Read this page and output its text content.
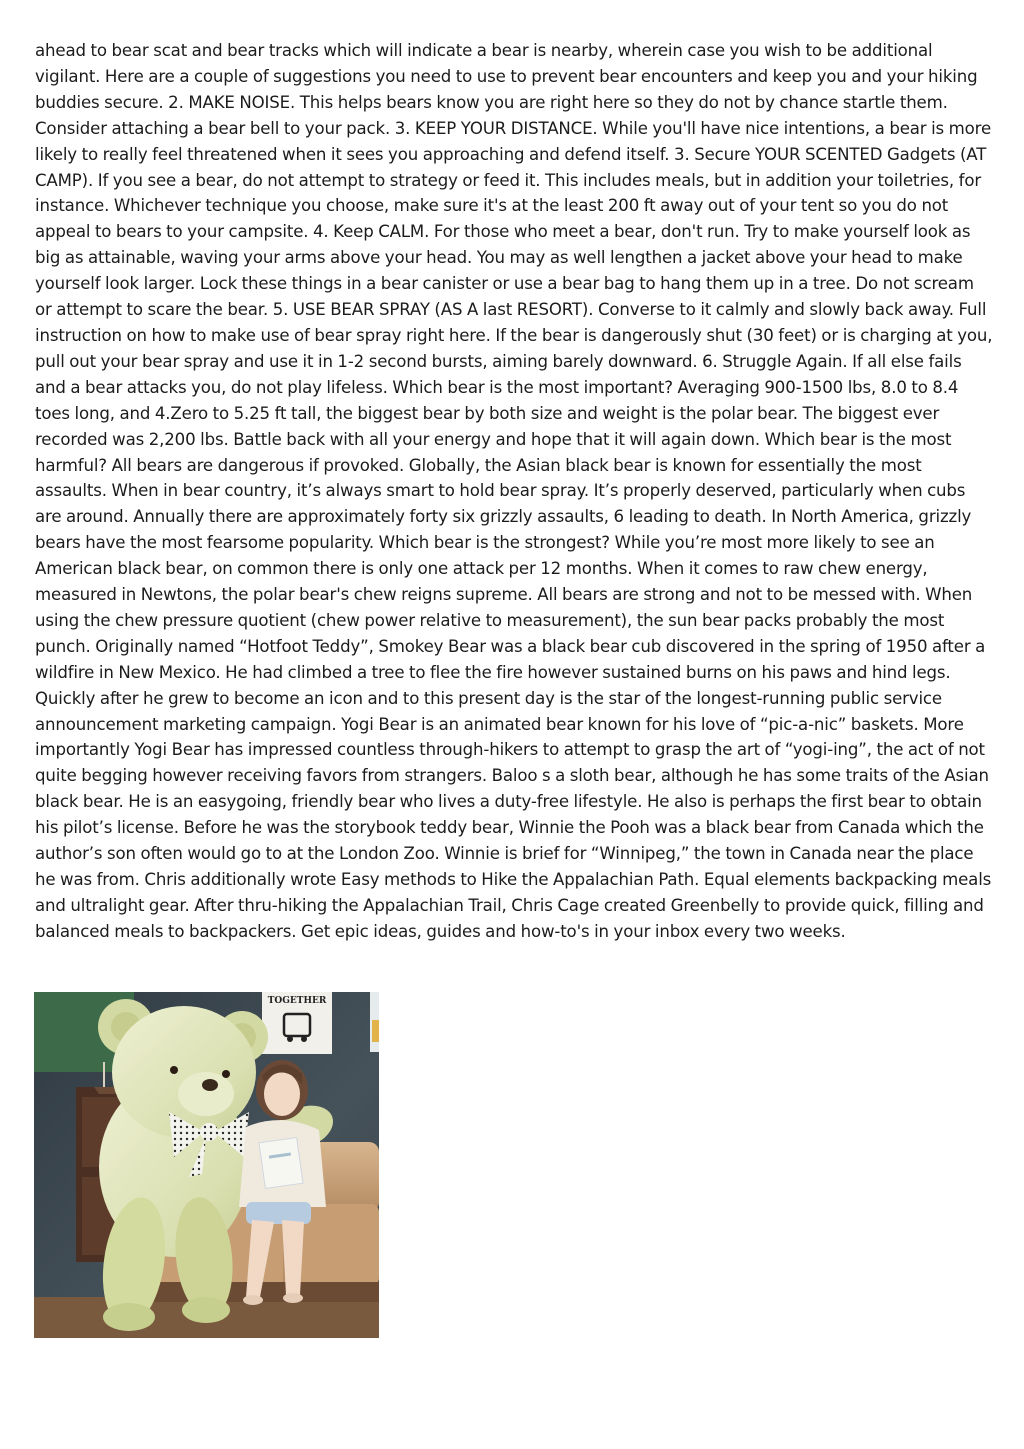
ahead to bear scat and bear tracks which will indicate a bear is nearby, wherein case you wish to be additional vigilant. Here are a couple of suggestions you need to use to prevent bear encounters and keep you and your hiking buddies secure. 2. MAKE NOISE. This helps bears know you are right here so they do not by chance startle them. Consider attaching a bear bell to your pack. 3. KEEP YOUR DISTANCE. While you'll have nice intentions, a bear is more likely to really feel threatened when it sees you approaching and defend itself. 3. Secure YOUR SCENTED Gadgets (AT CAMP). If you see a bear, do not attempt to strategy or feed it. This includes meals, but in addition your toiletries, for instance. Whichever technique you choose, make sure it's at the least 200 ft away out of your tent so you do not appeal to bears to your campsite. 4. Keep CALM. For those who meet a bear, don't run. Try to make yourself look as big as attainable, waving your arms above your head. You may as well lengthen a jacket above your head to make yourself look larger. Lock these things in a bear canister or use a bear bag to hang them up in a tree. Do not scream or attempt to scare the bear. 5. USE BEAR SPRAY (AS A last RESORT). Converse to it calmly and slowly back away. Full instruction on how to make use of bear spray right here. If the bear is dangerously shut (30 feet) or is charging at you, pull out your bear spray and use it in 1-2 second bursts, aiming barely downward. 6. Struggle Again. If all else fails and a bear attacks you, do not play lifeless. Which bear is the most important? Averaging 900-1500 lbs, 8.0 to 8.4 toes long, and 4.Zero to 5.25 ft tall, the biggest bear by both size and weight is the polar bear. The biggest ever recorded was 2,200 lbs. Battle back with all your energy and hope that it will again down. Which bear is the most harmful? All bears are dangerous if provoked. Globally, the Asian black bear is known for essentially the most assaults. When in bear country, it’s always smart to hold bear spray. It’s properly deserved, particularly when cubs are around. Annually there are approximately forty six grizzly assaults, 6 leading to death. In North America, grizzly bears have the most fearsome popularity. Which bear is the strongest? While you’re most more likely to see an American black bear, on common there is only one attack per 12 months. When it comes to raw chew energy, measured in Newtons, the polar bear's chew reigns supreme. All bears are strong and not to be messed with. When using the chew pressure quotient (chew power relative to measurement), the sun bear packs probably the most punch. Originally named “Hotfoot Teddy”, Smokey Bear was a black bear cub discovered in the spring of 1950 after a wildfire in New Mexico. He had climbed a tree to flee the fire however sustained burns on his paws and hind legs. Quickly after he grew to become an icon and to this present day is the star of the longest-running public service announcement marketing campaign. Yogi Bear is an animated bear known for his love of “pic-a-nic” baskets. More importantly Yogi Bear has impressed countless through-hikers to attempt to grasp the art of “yogi-ing”, the act of not quite begging however receiving favors from strangers. Baloo s a sloth bear, although he has some traits of the Asian black bear. He is an easygoing, friendly bear who lives a duty-free lifestyle. He also is perhaps the first bear to obtain his pilot’s license. Before he was the storybook teddy bear, Winnie the Pooh was a black bear from Canada which the author’s son often would go to at the London Zoo. Winnie is brief for “Winnipeg,” the town in Canada near the place he was from. Chris additionally wrote Easy methods to Hike the Appalachian Path. Equal elements backpacking meals and ultralight gear. After thru-hiking the Appalachian Trail, Chris Cage created Greenbelly to provide quick, filling and balanced meals to backpackers. Get epic ideas, guides and how-to's in your inbox every two weeks.

TOGETHER
